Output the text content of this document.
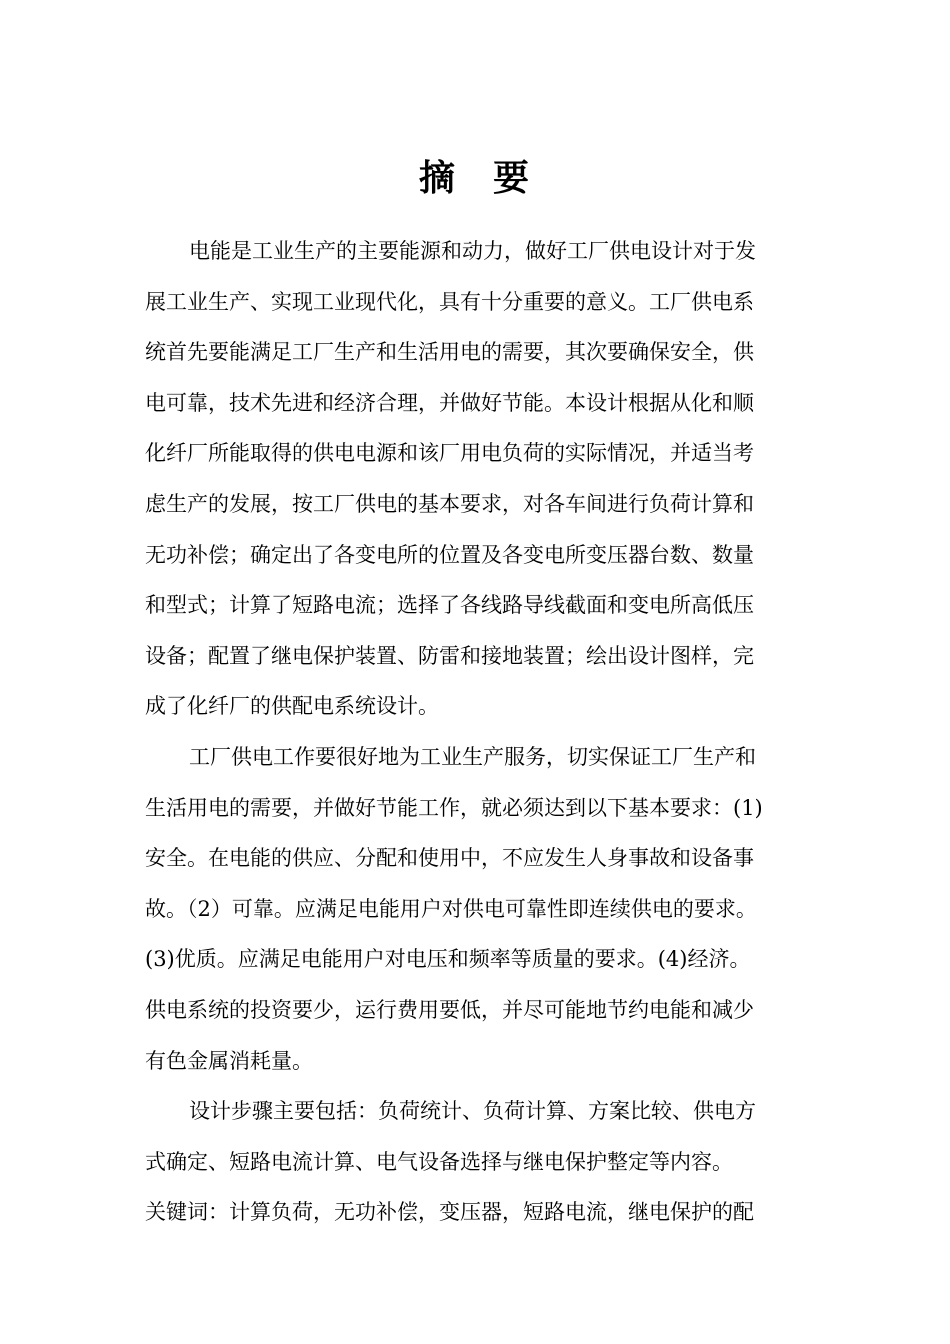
摘 要
电能是工业生产的主要能源和动力，做好工厂供电设计对于发
展工业生产、实现工业现代化，具有十分重要的意义。工厂供电系
统首先要能满足工厂生产和生活用电的需要，其次要确保安全，供
电可靠，技术先进和经济合理，并做好节能。本设计根据从化和顺
化纤厂所能取得的供电电源和该厂用电负荷的实际情况，并适当考
虑生产的发展，按工厂供电的基本要求，对各车间进行负荷计算和
无功补偿；确定出了各变电所的位置及各变电所变压器台数、数量
和型式；计算了短路电流；选择了各线路导线截面和变电所高低压
设备；配置了继电保护装置、防雷和接地装置；绘出设计图样，完
成了化纤厂的供配电系统设计。
工厂供电工作要很好地为工业生产服务，切实保证工厂生产和
生活用电的需要，并做好节能工作，就必须达到以下基本要求：(1)
安全。在电能的供应、分配和使用中，不应发生人身事故和设备事
故。（2）可靠。应满足电能用户对供电可靠性即连续供电的要求。
(3)优质。应满足电能用户对电压和频率等质量的要求。(4)经济。
供电系统的投资要少，运行费用要低，并尽可能地节约电能和减少
有色金属消耗量。
设计步骤主要包括：负荷统计、负荷计算、方案比较、供电方
式确定、短路电流计算、电气设备选择与继电保护整定等内容。
关键词：计算负荷，无功补偿，变压器，短路电流，继电保护的配
